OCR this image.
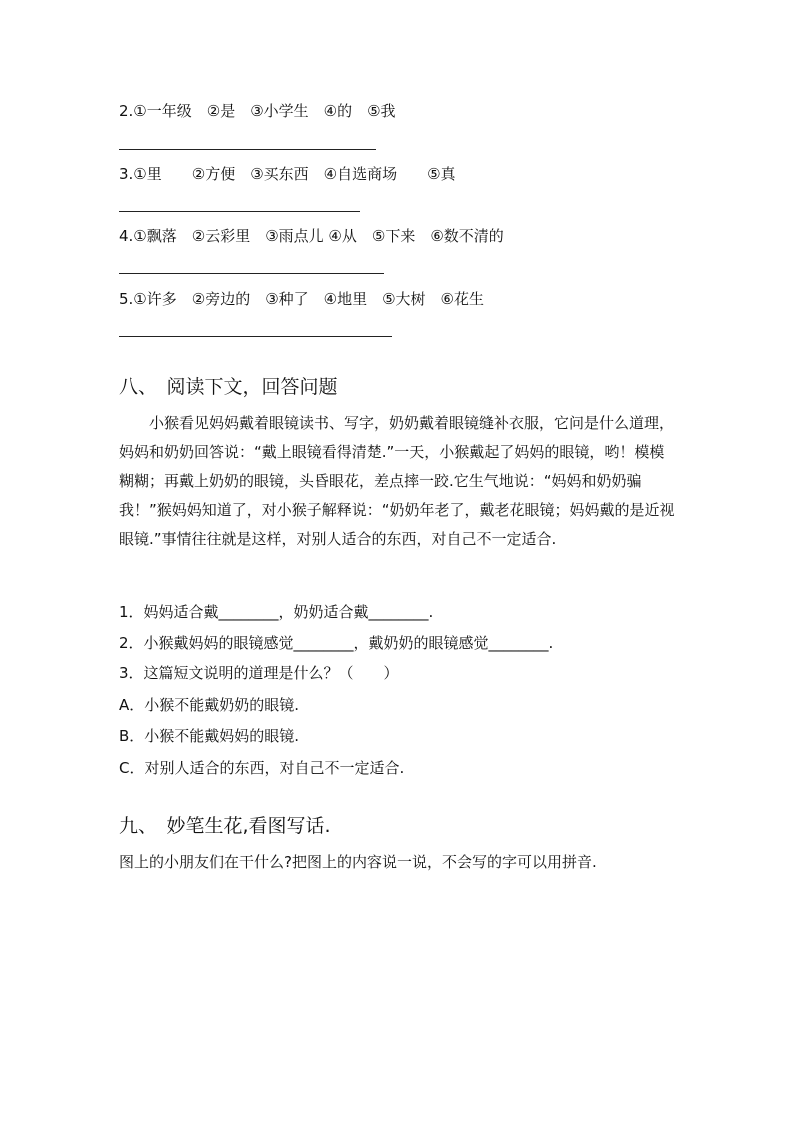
2.①一年级　②是　③小学生　④的　⑤我
3.①里　　②方便　③买东西　④自选商场　　⑤真
4.①飘落　②云彩里　③雨点儿 ④从　⑤下来　⑥数不清的
5.①许多　②旁边的　③种了　④地里　⑤大树　⑥花生
八、　阅读下文，回答问题
小猴看见妈妈戴着眼镜读书、写字，奶奶戴着眼镜缝补衣服，它问是什么道理，妈妈和奶奶回答说：“戴上眼镜看得清楚.”一天，小猴戴起了妈妈的眼镜，哟！模模糊糊；再戴上奶奶的眼镜，头昏眼花，差点摔一跤.它生气地说：“妈妈和奶奶骗我！”猴妈妈知道了，对小猴子解释说：“奶奶年老了，戴老花眼镜；妈妈戴的是近视眼镜.”事情往往就是这样，对别人适合的东西，对自己不一定适合.
1．妈妈适合戴________，奶奶适合戴________.
2．小猴戴妈妈的眼镜感觉________，戴奶奶的眼镜感觉________.
3．这篇短文说明的道理是什么？（　　）
A．小猴不能戴奶奶的眼镜.
B．小猴不能戴妈妈的眼镜.
C．对别人适合的东西，对自己不一定适合.
九、　妙笔生花,看图写话.
图上的小朋友们在干什么?把图上的内容说一说，不会写的字可以用拼音.
